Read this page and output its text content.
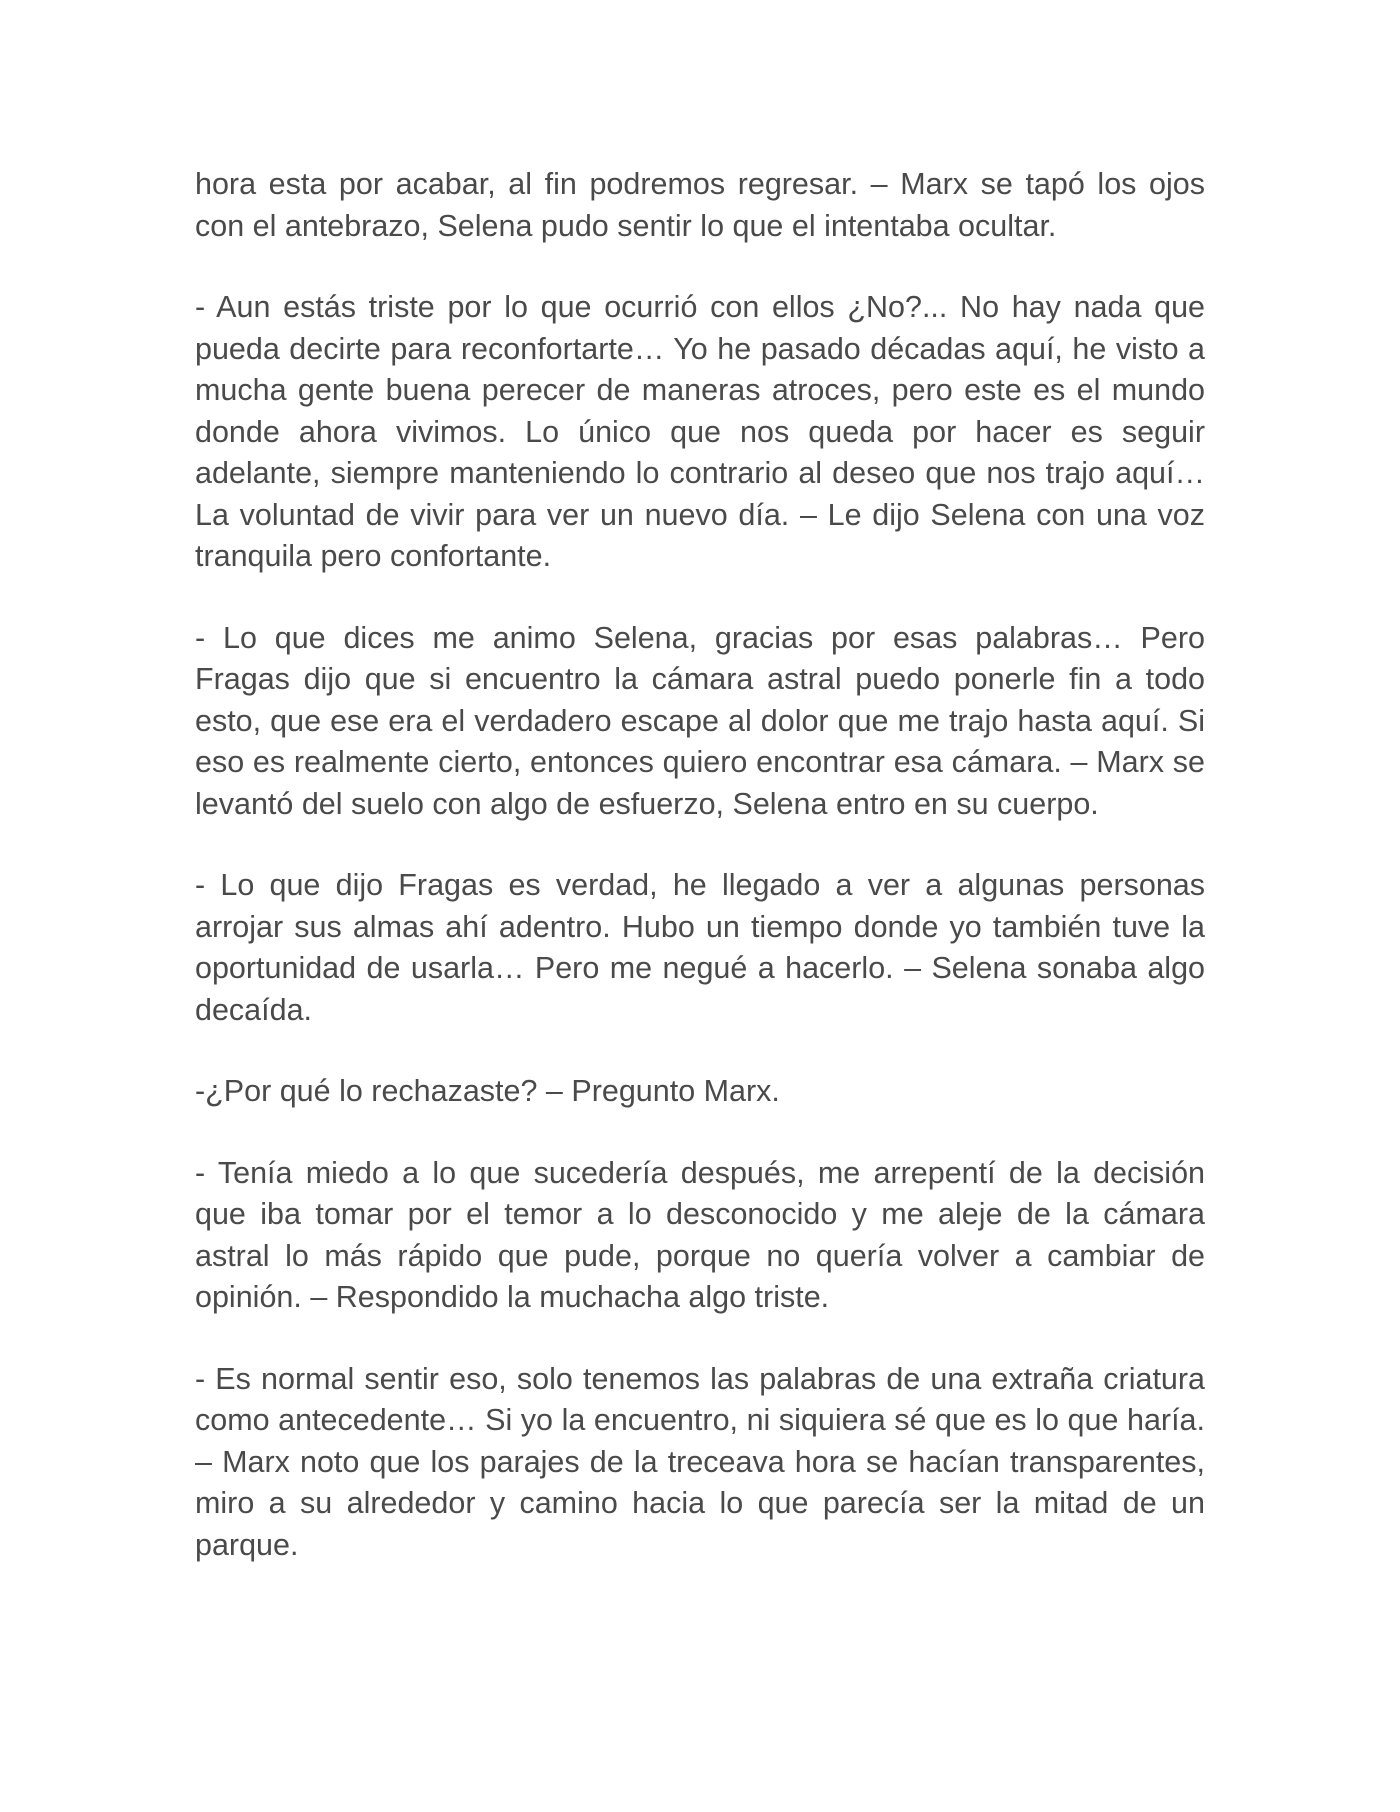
hora esta por acabar, al fin podremos regresar. – Marx se tapó los ojos con el antebrazo, Selena pudo sentir lo que el intentaba ocultar.

- Aun estás triste por lo que ocurrió con ellos ¿No?... No hay nada que pueda decirte para reconfortarte… Yo he pasado décadas aquí, he visto a mucha gente buena perecer de maneras atroces, pero este es el mundo donde ahora vivimos. Lo único que nos queda por hacer es seguir adelante, siempre manteniendo lo contrario al deseo que nos trajo aquí… La voluntad de vivir para ver un nuevo día. – Le dijo Selena con una voz tranquila pero confortante.

- Lo que dices me animo Selena, gracias por esas palabras… Pero Fragas dijo que si encuentro la cámara astral puedo ponerle fin a todo esto, que ese era el verdadero escape al dolor que me trajo hasta aquí. Si eso es realmente cierto, entonces quiero encontrar esa cámara. – Marx se levantó del suelo con algo de esfuerzo, Selena entro en su cuerpo.

- Lo que dijo Fragas es verdad, he llegado a ver a algunas personas arrojar sus almas ahí adentro. Hubo un tiempo donde yo también tuve la oportunidad de usarla… Pero me negué a hacerlo. – Selena sonaba algo decaída.

-¿Por qué lo rechazaste? – Pregunto Marx.

- Tenía miedo a lo que sucedería después, me arrepentí de la decisión que iba tomar por el temor a lo desconocido y me aleje de la cámara astral lo más rápido que pude, porque no quería volver a cambiar de opinión. – Respondido la muchacha algo triste.

- Es normal sentir eso, solo tenemos las palabras de una extraña criatura como antecedente… Si yo la encuentro, ni siquiera sé que es lo que haría. – Marx noto que los parajes de la treceava hora se hacían transparentes, miro a su alrededor y camino hacia lo que parecía ser la mitad de un parque.
